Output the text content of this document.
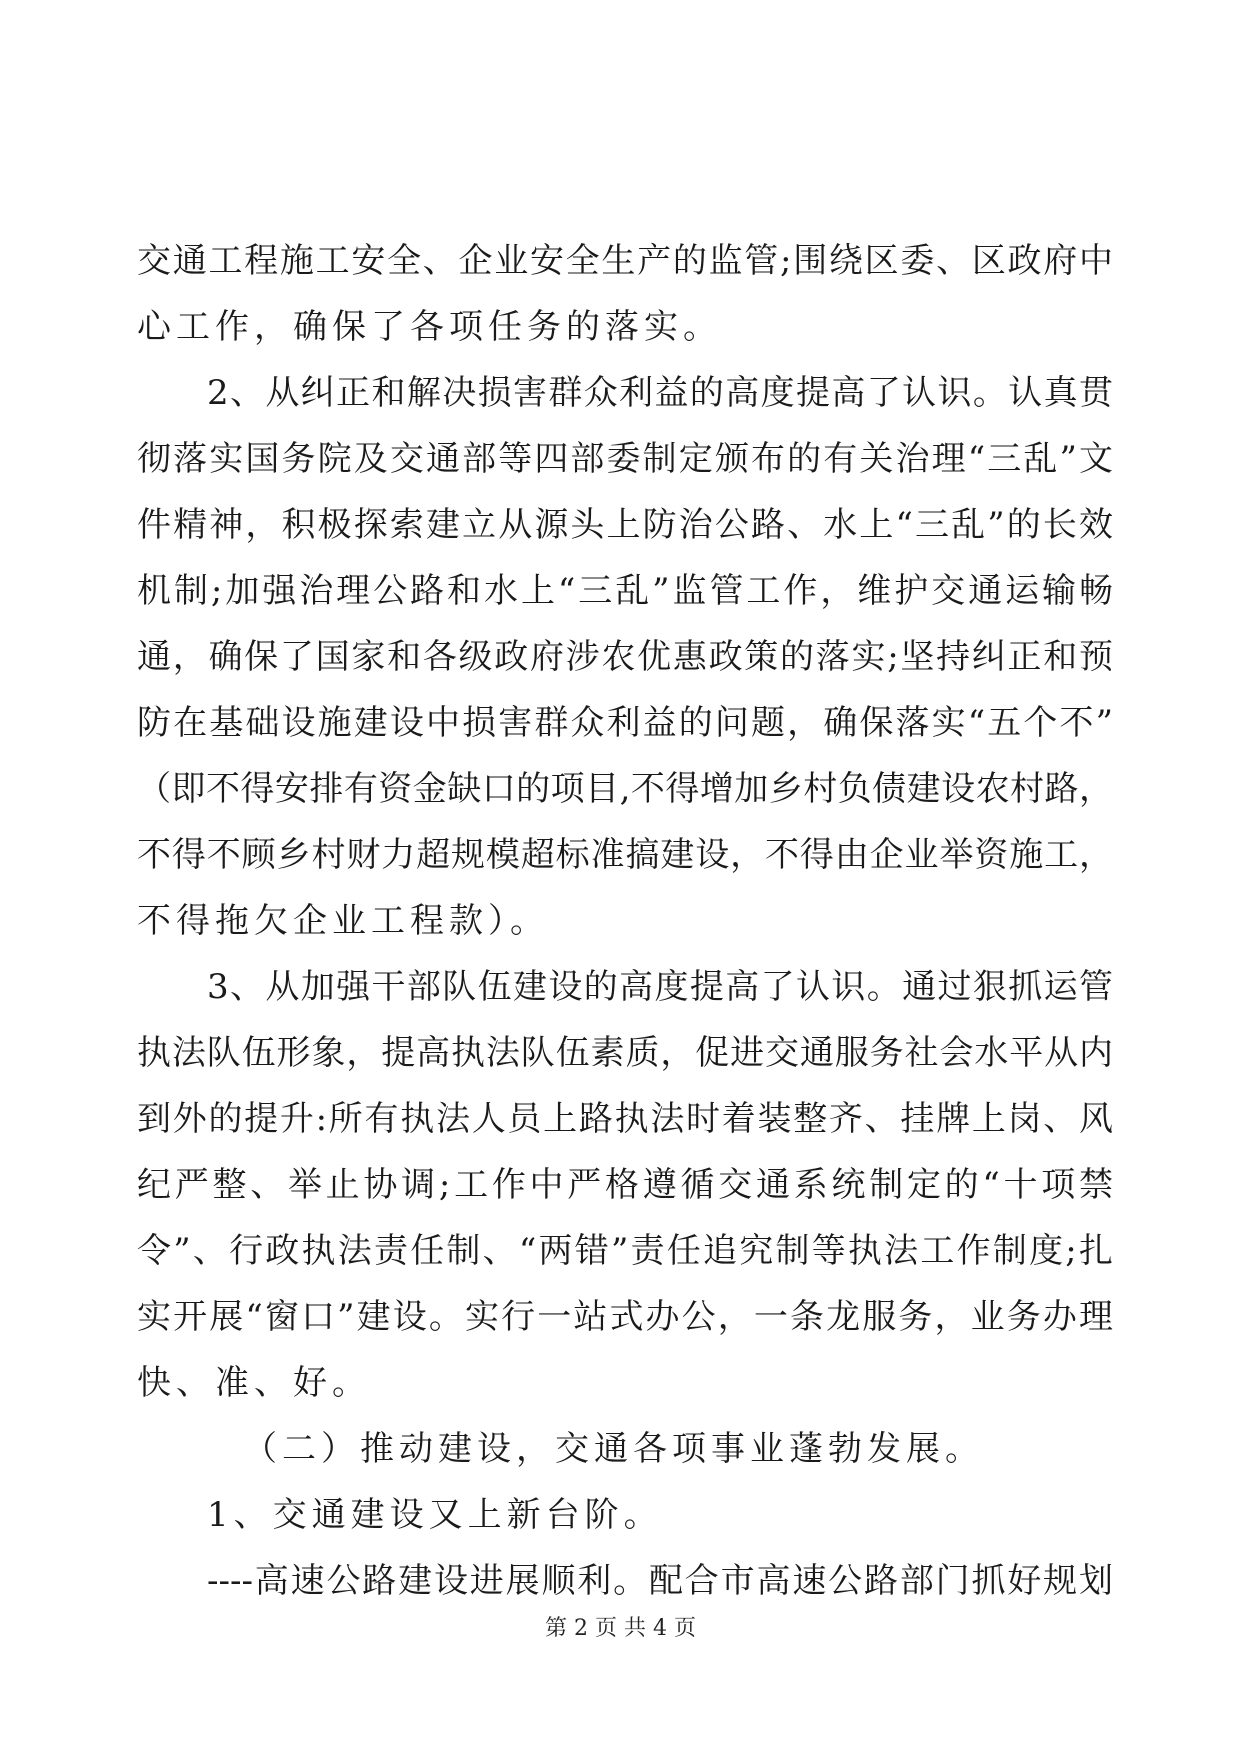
交通工程施工安全、企业安全生产的监管;围绕区委、区政府中
心工作，确保了各项任务的落实。
2、从纠正和解决损害群众利益的高度提高了认识。认真贯
彻落实国务院及交通部等四部委制定颁布的有关治理“三乱”文
件精神，积极探索建立从源头上防治公路、水上“三乱”的长效
机制;加强治理公路和水上“三乱”监管工作，维护交通运输畅
通，确保了国家和各级政府涉农优惠政策的落实;坚持纠正和预
防在基础设施建设中损害群众利益的问题，确保落实“五个不”
（即不得安排有资金缺口的项目,不得增加乡村负债建设农村路，
不得不顾乡村财力超规模超标准搞建设，不得由企业举资施工，
不得拖欠企业工程款）。
3、从加强干部队伍建设的高度提高了认识。通过狠抓运管
执法队伍形象，提高执法队伍素质，促进交通服务社会水平从内
到外的提升:所有执法人员上路执法时着装整齐、挂牌上岗、风
纪严整、举止协调;工作中严格遵循交通系统制定的“十项禁
令”、行政执法责任制、“两错”责任追究制等执法工作制度;扎
实开展“窗口”建设。实行一站式办公，一条龙服务，业务办理
快、准、好。
（二）推动建设，交通各项事业蓬勃发展。
1、交通建设又上新台阶。
----高速公路建设进展顺利。配合市高速公路部门抓好规划
第 2 页 共 4 页
